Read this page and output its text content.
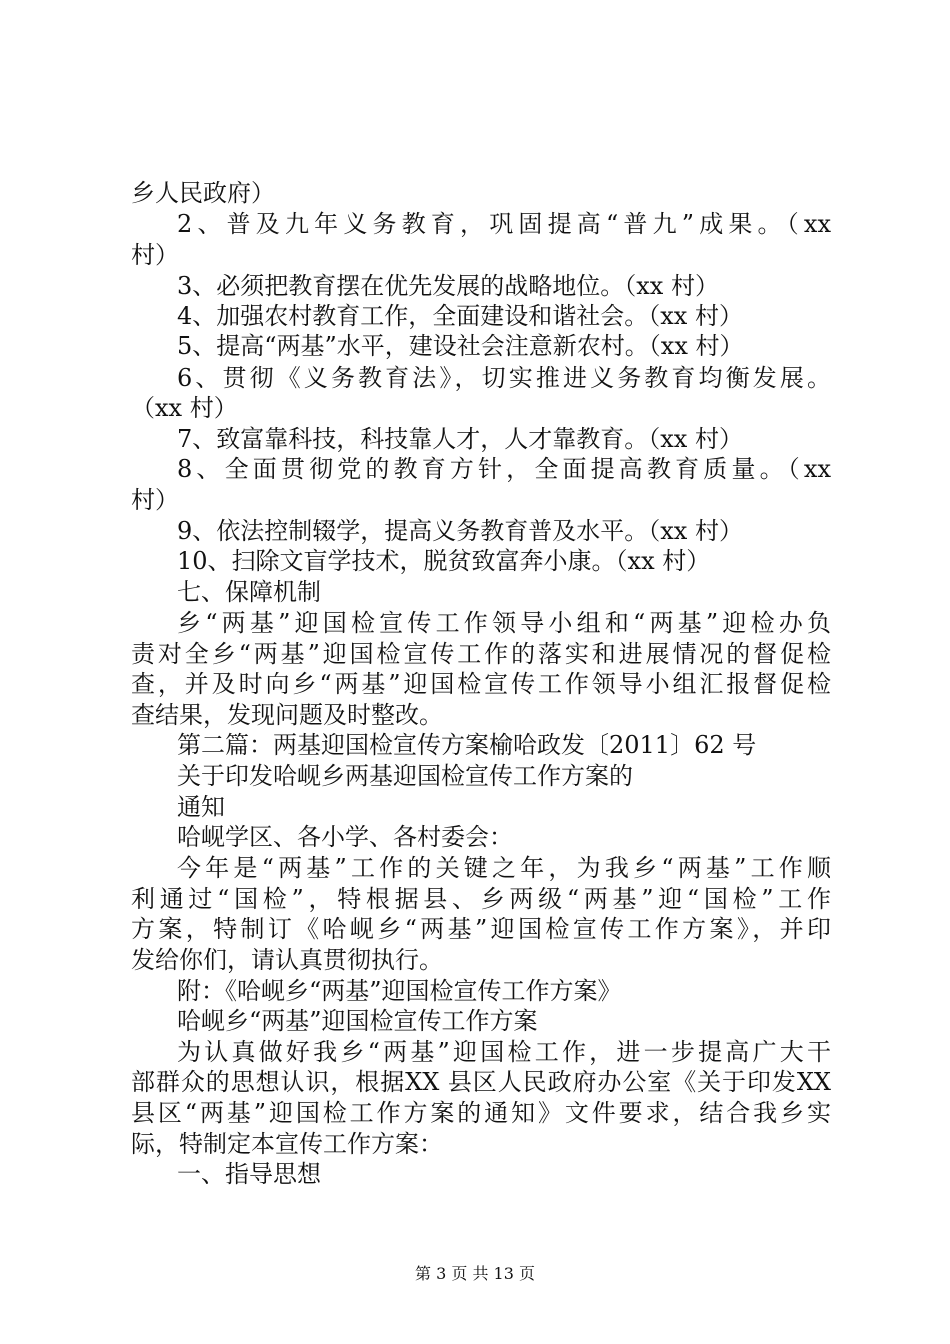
乡人民政府）
2、普及九年义务教育，巩固提高“普九”成果。（xx
村）
3、必须把教育摆在优先发展的战略地位。（xx 村）
4、加强农村教育工作，全面建设和谐社会。（xx 村）
5、提高“两基”水平，建设社会注意新农村。（xx 村）
6、贯彻《义务教育法》，切实推进义务教育均衡发展。
（xx 村）
7、致富靠科技，科技靠人才，人才靠教育。（xx 村）
8、全面贯彻党的教育方针，全面提高教育质量。（xx
村）
9、依法控制辍学，提高义务教育普及水平。（xx 村）
10、扫除文盲学技术，脱贫致富奔小康。（xx 村）
七、保障机制
乡“两基”迎国检宣传工作领导小组和“两基”迎检办负
责对全乡“两基”迎国检宣传工作的落实和进展情况的督促检
查，并及时向乡“两基”迎国检宣传工作领导小组汇报督促检
查结果，发现问题及时整改。
第二篇：两基迎国检宣传方案榆哈政发〔2011〕62 号
关于印发哈岘乡两基迎国检宣传工作方案的
通知
哈岘学区、各小学、各村委会：
今年是“两基”工作的关键之年，为我乡“两基”工作顺
利通过“国检”，特根据县、乡两级“两基”迎“国检”工作
方案，特制订《哈岘乡“两基”迎国检宣传工作方案》，并印
发给你们，请认真贯彻执行。
附：《哈岘乡“两基”迎国检宣传工作方案》
哈岘乡“两基”迎国检宣传工作方案
为认真做好我乡“两基”迎国检工作，进一步提高广大干
部群众的思想认识，根据XX 县区人民政府办公室《关于印发XX
县区“两基”迎国检工作方案的通知》文件要求，结合我乡实
际，特制定本宣传工作方案：
一、指导思想
第 3 页 共 13 页
